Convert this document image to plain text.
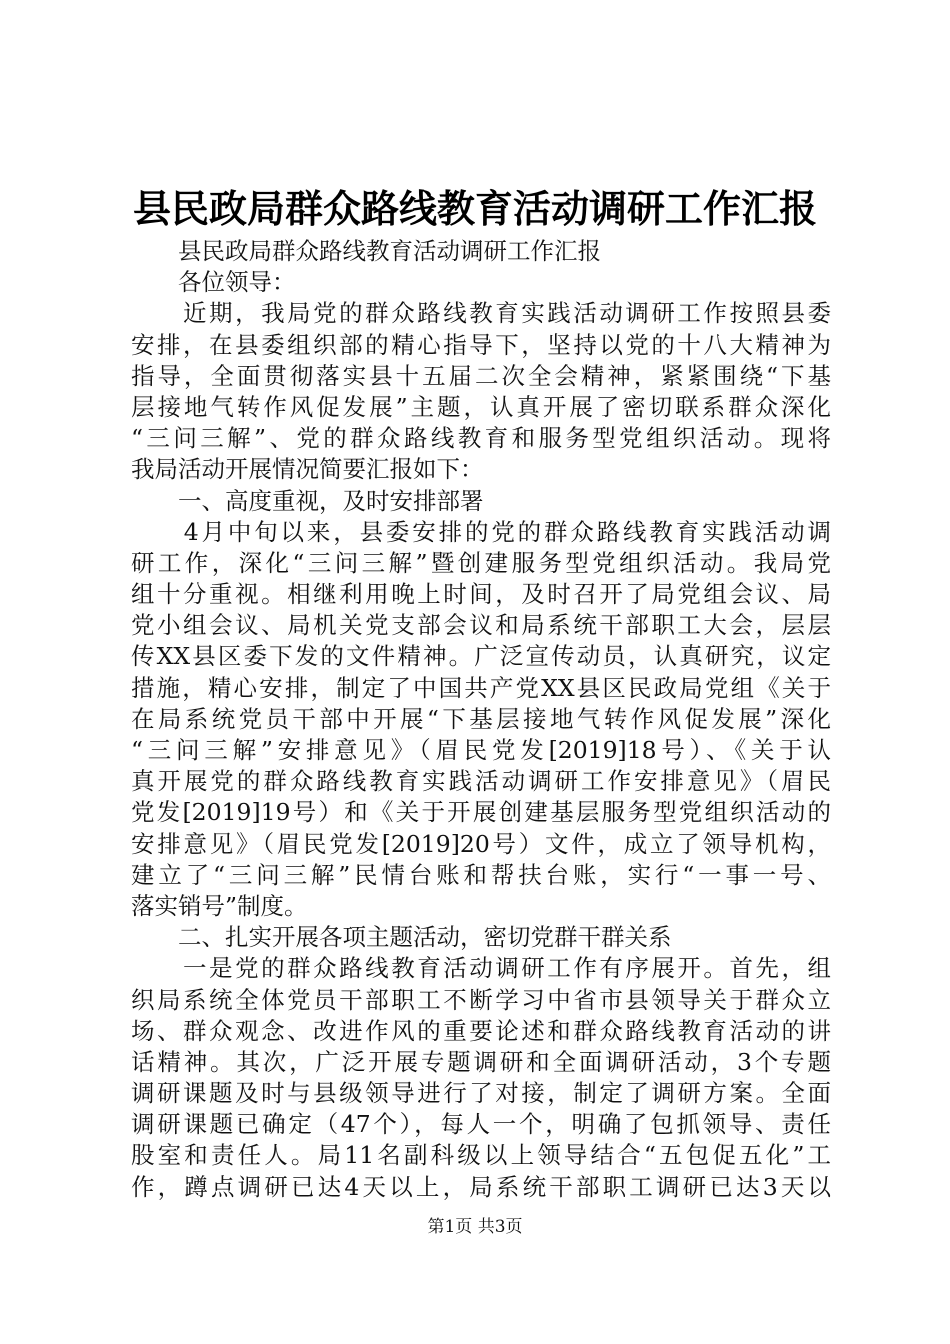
县民政局群众路线教育活动调研工作汇报
　　县民政局群众路线教育活动调研工作汇报
　　各位领导：
　　近期，我局党的群众路线教育实践活动调研工作按照县委
安排，在县委组织部的精心指导下，坚持以党的十八大精神为
指导，全面贯彻落实县十五届二次全会精神，紧紧围绕“下基
层接地气转作风促发展”主题，认真开展了密切联系群众深化
“三问三解”、党的群众路线教育和服务型党组织活动。现将
我局活动开展情况简要汇报如下：
　　一、高度重视，及时安排部署
　　4月中旬以来，县委安排的党的群众路线教育实践活动调
研工作，深化“三问三解”暨创建服务型党组织活动。我局党
组十分重视。相继利用晚上时间，及时召开了局党组会议、局
党小组会议、局机关党支部会议和局系统干部职工大会，层层
传XX县区委下发的文件精神。广泛宣传动员，认真研究，议定
措施，精心安排，制定了中国共产党XX县区民政局党组《关于
在局系统党员干部中开展“下基层接地气转作风促发展”深化
“三问三解”安排意见》（眉民党发[2019]18号）、《关于认
真开展党的群众路线教育实践活动调研工作安排意见》（眉民
党发[2019]19号）和《关于开展创建基层服务型党组织活动的
安排意见》（眉民党发[2019]20号）文件，成立了领导机构，
建立了“三问三解”民情台账和帮扶台账，实行“一事一号、
落实销号”制度。
　　二、扎实开展各项主题活动，密切党群干群关系
　　一是党的群众路线教育活动调研工作有序展开。首先，组
织局系统全体党员干部职工不断学习中省市县领导关于群众立
场、群众观念、改进作风的重要论述和群众路线教育活动的讲
话精神。其次，广泛开展专题调研和全面调研活动，3个专题
调研课题及时与县级领导进行了对接，制定了调研方案。全面
调研课题已确定（47个），每人一个，明确了包抓领导、责任
股室和责任人。局11名副科级以上领导结合“五包促五化”工
作，蹲点调研已达4天以上，局系统干部职工调研已达3天以
第1页 共3页
